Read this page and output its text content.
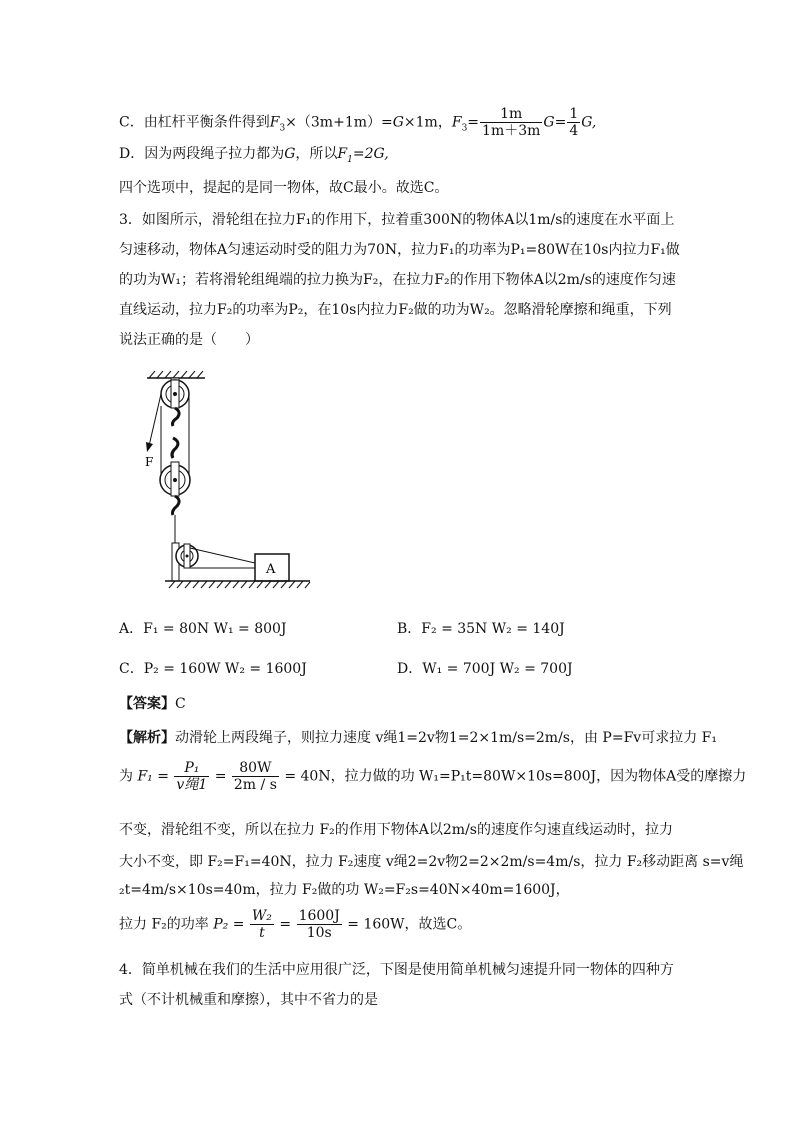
C．由杠杆平衡条件得到$F_3\times(3m+1m)=G\times 1m$，$F_3= \frac{1m}{1m+3m} G= \frac{1}{4} G$,
D．因为两段绳子拉力都为G，所以$F_1=2G$,
四个选项中，提起的是同一物体，故C最小。故选C。
3．如图所示，滑轮组在拉力F₁的作用下，拉着重300N的物体A以1m/s的速度在水平面上
匀速移动，物体A匀速运动时受的阻力为70N，拉力F₁的功率为P₁=80W在10s内拉力F₁做
的功为W₁；若将滑轮组绳端的拉力换为F₂，在拉力F₂的作用下物体A以2m/s的速度作匀速
直线运动，拉力F₂的功率为P₂，在10s内拉力F₂做的功为W₂。忽略滑轮摩擦和绳重，下列
说法正确的是（　　）
F
A
A．F₁ = 80N W₁ = 800J	B．F₂ = 35N W₂ = 140J
C．P₂ = 160W W₂ = 1600J	D．W₁ = 700J W₂ = 700J
【答案】C
【解析】动滑轮上两段绳子，则拉力速度 v绳1=2v物1=2×1m/s=2m/s，由 P=Fv可求拉力 F₁
为 $F_1 = \frac{\text{P₁}}{\text{v绳1}} = \frac{80W}{2m / s} = 40N$，拉力做的功 W₁=P₁t=80W×10s=800J，因为物体A受的摩擦力
不变，滑轮组不变，所以在拉力 F₂的作用下物体A以2m/s的速度作匀速直线运动时，拉力
大小不变，即 F₂=F₁=40N，拉力 F₂速度 v绳2=2v物2=2×2m/s=4m/s，拉力 F₂移动距离 s=v绳
₂t=4m/s×10s=40m，拉力 F₂做的功 W₂=F₂s=40N×40m=1600J，
拉力 F₂的功率 $P_2 = \frac{\text{W₂}}{t} = \frac{1600J}{10s} = 160W$，故选C。
4．简单机械在我们的生活中应用很广泛，下图是使用简单机械匀速提升同一物体的四种方
式（不计机械重和摩擦），其中不省力的是
